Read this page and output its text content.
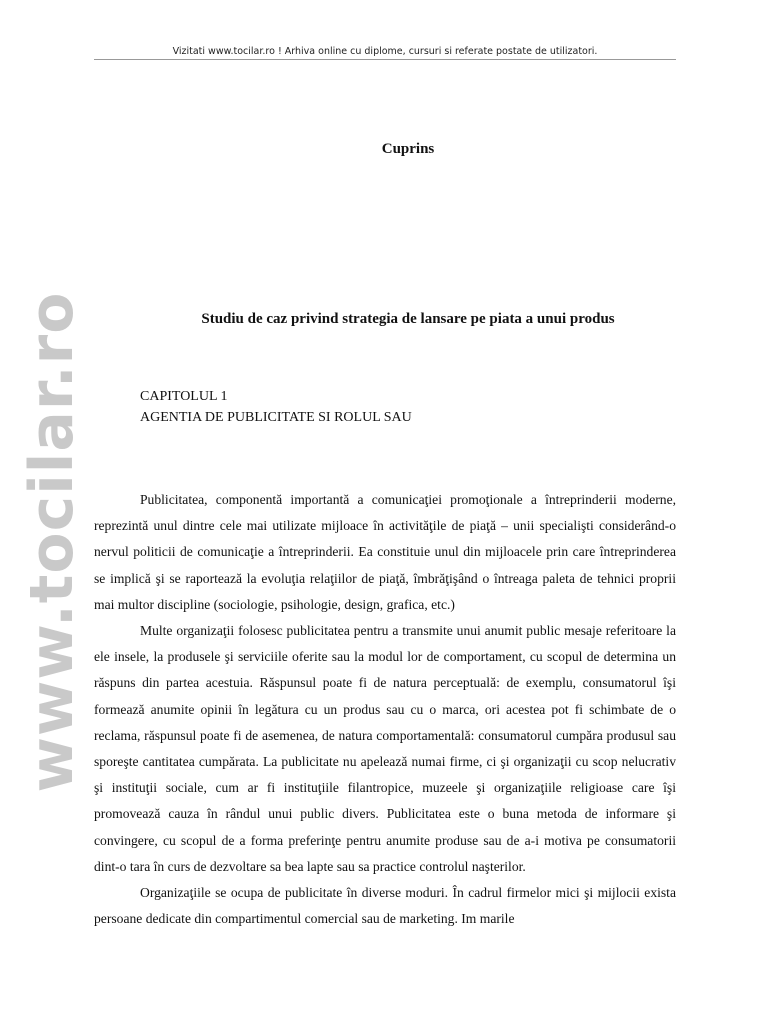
Vizitati www.tocilar.ro ! Arhiva online cu diplome, cursuri si referate postate de utilizatori.
www.tocilar.ro
Cuprins
Studiu de caz privind strategia de lansare pe piata a unui produs
CAPITOLUL 1
AGENTIA DE PUBLICITATE SI ROLUL SAU

Publicitatea, componentă importantă a comunicaţiei promoţionale a întreprinderii moderne, reprezintă unul dintre cele mai utilizate mijloace în activităţile de piaţă – unii specialişti considerând-o nervul politicii de comunicaţie a întreprinderii. Ea constituie unul din mijloacele prin care întreprinderea se implică şi se raportează la evoluţia relaţiilor de piaţă, îmbrăţişând o întreaga paleta de tehnici proprii mai multor discipline (sociologie, psihologie, design, grafica, etc.)

Multe organizaţii folosesc publicitatea pentru a transmite unui anumit public mesaje referitoare la ele insele, la produsele şi serviciile oferite sau la modul lor de comportament, cu scopul de determina un răspuns din partea acestuia. Răspunsul poate fi de natura perceptuală: de exemplu, consumatorul îşi formează anumite opinii în legătura cu un produs sau cu o marca, ori acestea pot fi schimbate de o reclama, răspunsul poate fi de asemenea, de natura comportamentală: consumatorul cumpăra produsul sau sporeşte cantitatea cumpărata. La publicitate nu apelează numai firme, ci şi organizaţii cu scop nelucrativ şi instituţii sociale, cum ar fi instituţiile filantropice, muzeele şi organizaţiile religioase care îşi promovează cauza în rândul unui public divers. Publicitatea este o buna metoda de informare şi convingere, cu scopul de a forma preferinţe pentru anumite produse sau de a-i motiva pe consumatorii dint-o tara în curs de dezvoltare sa bea lapte sau sa practice controlul naşterilor.

Organizaţiile se ocupa de publicitate în diverse moduri. În cadrul firmelor mici şi mijlocii exista persoane dedicate din compartimentul comercial sau de marketing. Im marile
